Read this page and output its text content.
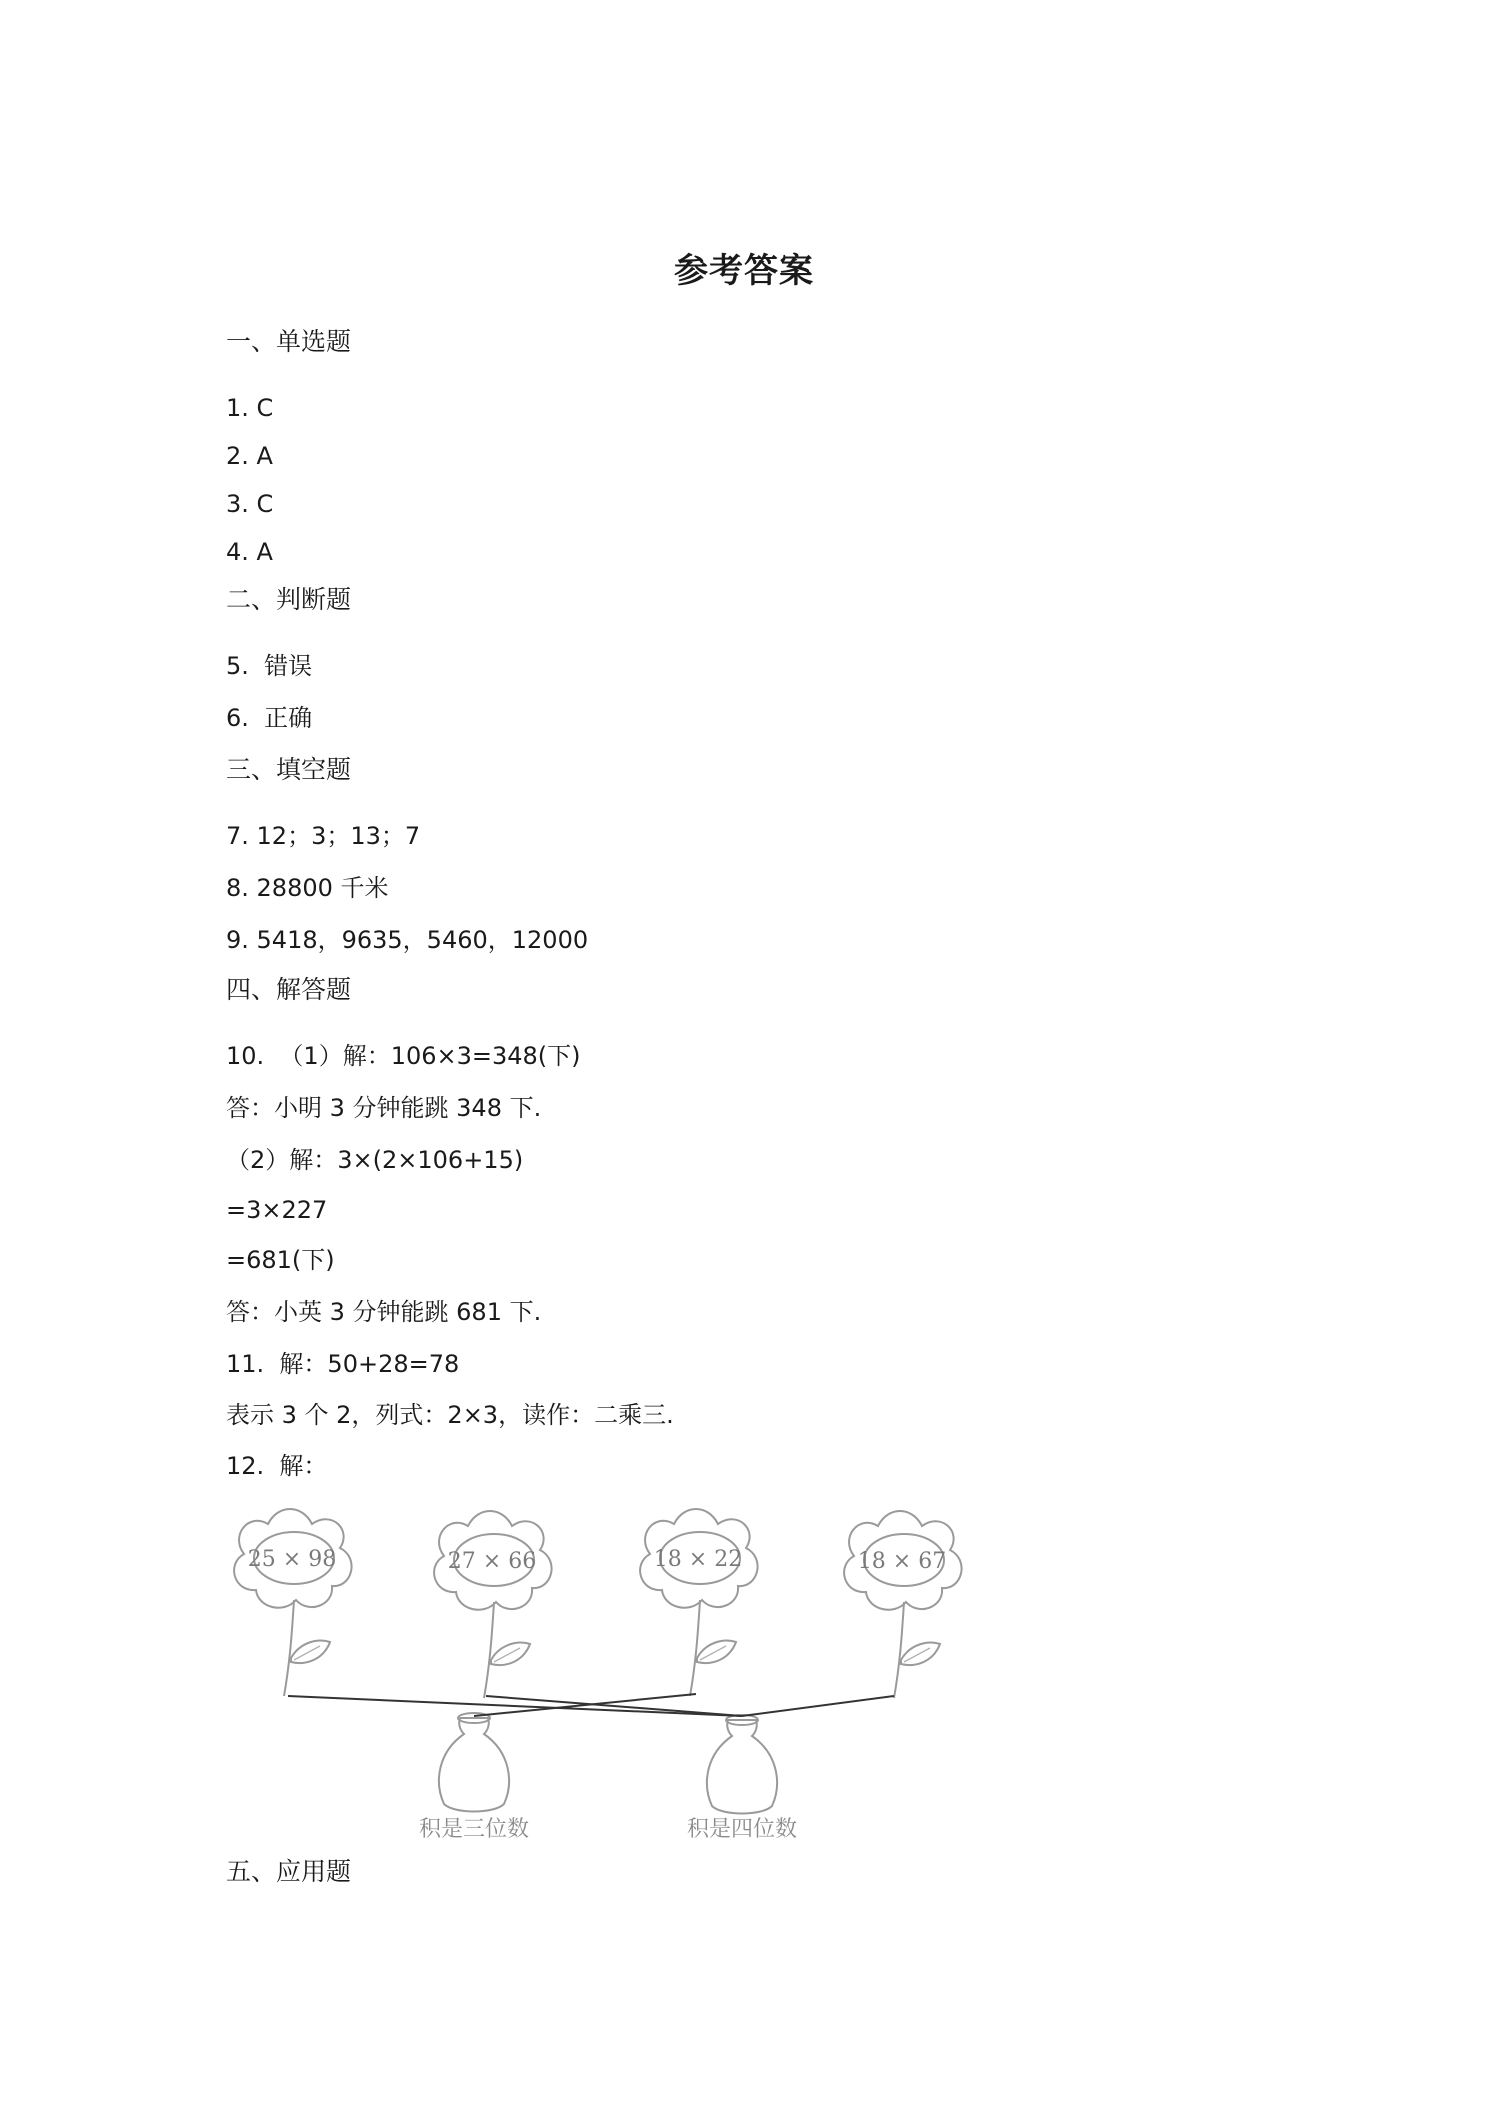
参考答案
一、单选题
1. C
2. A
3. C
4. A
二、判断题
5.  错误
6.  正确
三、填空题
7. 12；3；13；7
8. 28800 千米
9. 5418，9635，5460，12000
四、解答题
10.  （1）解：106×3=348(下)
答：小明 3 分钟能跳 348 下.
（2）解：3×(2×106+15)
=3×227
=681(下)
答：小英 3 分钟能跳 681 下.
11.  解：50+28=78
表示 3 个 2，列式：2×3，读作：二乘三.
12.  解：
25 × 98	27 × 66	18 × 22	18 × 67
积是三位数	积是四位数
五、应用题
